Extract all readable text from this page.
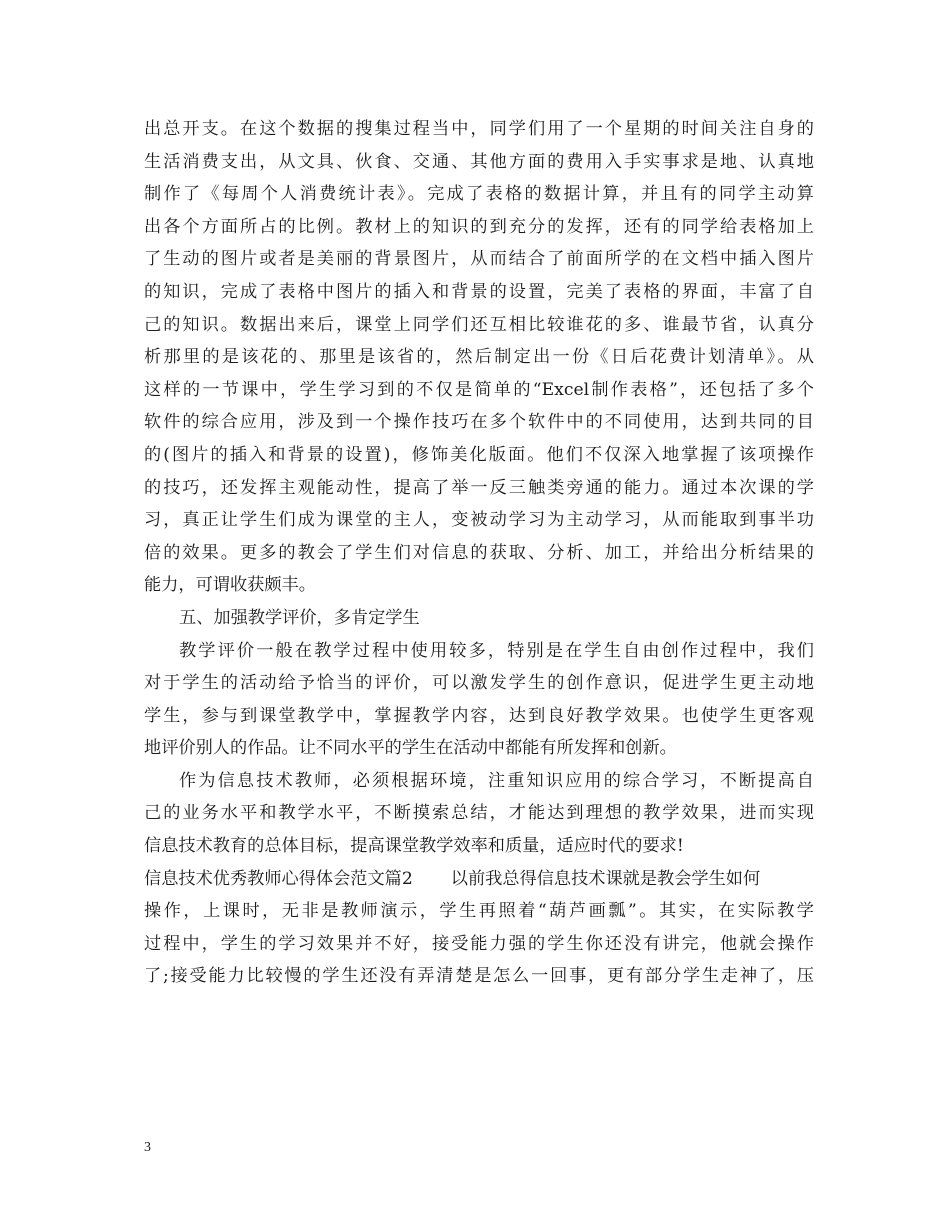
出总开支。在这个数据的搜集过程当中，同学们用了一个星期的时间关注自身的
生活消费支出，从文具、伙食、交通、其他方面的费用入手实事求是地、认真地
制作了《每周个人消费统计表》。完成了表格的数据计算，并且有的同学主动算
出各个方面所占的比例。教材上的知识的到充分的发挥，还有的同学给表格加上
了生动的图片或者是美丽的背景图片，从而结合了前面所学的在文档中插入图片
的知识，完成了表格中图片的插入和背景的设置，完美了表格的界面，丰富了自
己的知识。数据出来后，课堂上同学们还互相比较谁花的多、谁最节省，认真分
析那里的是该花的、那里是该省的，然后制定出一份《日后花费计划清单》。从
这样的一节课中，学生学习到的不仅是简单的“Excel制作表格”，还包括了多个
软件的综合应用，涉及到一个操作技巧在多个软件中的不同使用，达到共同的目
的(图片的插入和背景的设置)，修饰美化版面。他们不仅深入地掌握了该项操作
的技巧，还发挥主观能动性，提高了举一反三触类旁通的能力。通过本次课的学
习，真正让学生们成为课堂的主人，变被动学习为主动学习，从而能取到事半功
倍的效果。更多的教会了学生们对信息的获取、分析、加工，并给出分析结果的
能力，可谓收获颇丰。
五、加强教学评价，多肯定学生
教学评价一般在教学过程中使用较多，特别是在学生自由创作过程中，我们
对于学生的活动给予恰当的评价，可以激发学生的创作意识，促进学生更主动地
学生，参与到课堂教学中，掌握教学内容，达到良好教学效果。也使学生更客观
地评价别人的作品。让不同水平的学生在活动中都能有所发挥和创新。
作为信息技术教师，必须根据环境，注重知识应用的综合学习，不断提高自
己的业务水平和教学水平，不断摸索总结，才能达到理想的教学效果，进而实现
信息技术教育的总体目标，提高课堂教学效率和质量，适应时代的要求!
信息技术优秀教师心得体会范文篇2 以前我总得信息技术课就是教会学生如何
操作，上课时，无非是教师演示，学生再照着“葫芦画瓢”。其实，在实际教学
过程中，学生的学习效果并不好，接受能力强的学生你还没有讲完，他就会操作
了;接受能力比较慢的学生还没有弄清楚是怎么一回事，更有部分学生走神了，压
3
